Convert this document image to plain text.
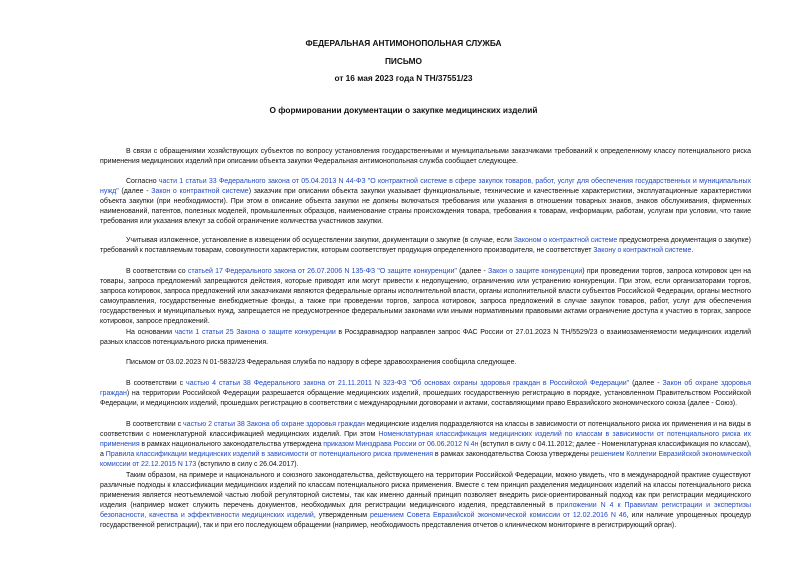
ФЕДЕРАЛЬНАЯ АНТИМОНОПОЛЬНАЯ СЛУЖБА

ПИСЬМО

от 16 мая 2023 года N ТН/37551/23

О формировании документации о закупке медицинских изделий

В связи с обращениями хозяйствующих субъектов по вопросу установления государственными и муниципальными заказчиками требований к определенному классу потенциального риска применения медицинских изделий при описании объекта закупки Федеральная антимонопольная служба сообщает следующее.

Согласно части 1 статьи 33 Федерального закона от 05.04.2013 N 44-ФЗ "О контрактной системе в сфере закупок товаров, работ, услуг для обеспечения государственных и муниципальных нужд" (далее - Закон о контрактной системе) заказчик при описании объекта закупки указывает функциональные, технические и качественные характеристики, эксплуатационные характеристики объекта закупки (при необходимости). При этом в описание объекта закупки не должны включаться требования или указания в отношении товарных знаков, знаков обслуживания, фирменных наименований, патентов, полезных моделей, промышленных образцов, наименование страны происхождения товара, требования к товарам, информации, работам, услугам при условии, что такие требования или указания влекут за собой ограничение количества участников закупки.

Учитывая изложенное, установление в извещении об осуществлении закупки, документации о закупке (в случае, если Законом о контрактной системе предусмотрена документация о закупке) требований к поставляемым товарам, совокупности характеристик, которым соответствует продукция определенного производителя, не соответствует Закону о контрактной системе.

В соответствии со статьей 17 Федерального закона от 26.07.2006 N 135-ФЗ "О защите конкуренции" (далее - Закон о защите конкуренции) при проведении торгов, запроса котировок цен на товары, запроса предложений запрещаются действия, которые приводят или могут привести к недопущению, ограничению или устранению конкуренции. При этом, если организаторами торгов, запроса котировок, запроса предложений или заказчиками являются федеральные органы исполнительной власти, органы исполнительной власти субъектов Российской Федерации, органы местного самоуправления, государственные внебюджетные фонды, а также при проведении торгов, запроса котировок, запроса предложений в случае закупок товаров, работ, услуг для обеспечения государственных и муниципальных нужд, запрещается не предусмотренное федеральными законами или иными нормативными правовыми актами ограничение доступа к участию в торгах, запросе котировок, запросе предложений.

На основании части 1 статьи 25 Закона о защите конкуренции в Росздравнадзор направлен запрос ФАС России от 27.01.2023 N ТН/5529/23 о взаимозаменяемости медицинских изделий разных классов потенциального риска применения.

Письмом от 03.02.2023 N 01-5832/23 Федеральная служба по надзору в сфере здравоохранения сообщила следующее.

В соответствии с частью 4 статьи 38 Федерального закона от 21.11.2011 N 323-ФЗ "Об основах охраны здоровья граждан в Российской Федерации" (далее - Закон об охране здоровья граждан) на территории Российской Федерации разрешается обращение медицинских изделий, прошедших государственную регистрацию в порядке, установленном Правительством Российской Федерации, и медицинских изделий, прошедших регистрацию в соответствии с международными договорами и актами, составляющими право Евразийского экономического союза (далее - Союз).

В соответствии с частью 2 статьи 38 Закона об охране здоровья граждан медицинские изделия подразделяются на классы в зависимости от потенциального риска их применения и на виды в соответствии с номенклатурной классификацией медицинских изделий. При этом Номенклатурная классификация медицинских изделий по классам в зависимости от потенциального риска их применения в рамках национального законодательства утверждена приказом Минздрава России от 06.06.2012 N 4н (вступил в силу с 04.11.2012; далее - Номенклатурная классификация по классам), а Правила классификации медицинских изделий в зависимости от потенциального риска применения в рамках законодательства Союза утверждены решением Коллегии Евразийской экономической комиссии от 22.12.2015 N 173 (вступило в силу с 26.04.2017).

Таким образом, на примере и национального и союзного законодательства, действующего на территории Российской Федерации, можно увидеть, что в международной практике существуют различные подходы к классификации медицинских изделий по классам потенциального риска применения. Вместе с тем принцип разделения медицинских изделий на классы потенциального риска применения является неотъемлемой частью любой регуляторной системы, так как именно данный принцип позволяет внедрить риск-ориентированный подход как при регистрации медицинского изделия (например может служить перечень документов, необходимых для регистрации медицинского изделия, представленный в приложении N 4 к Правилам регистрации и экспертизы безопасности, качества и эффективности медицинских изделий, утвержденным решением Совета Евразийской экономической комиссии от 12.02.2016 N 46, или наличие упрощенных процедур государственной регистрации), так и при его последующем обращении (например, необходимость представления отчетов о клиническом мониторинге в регистрирующий орган).
